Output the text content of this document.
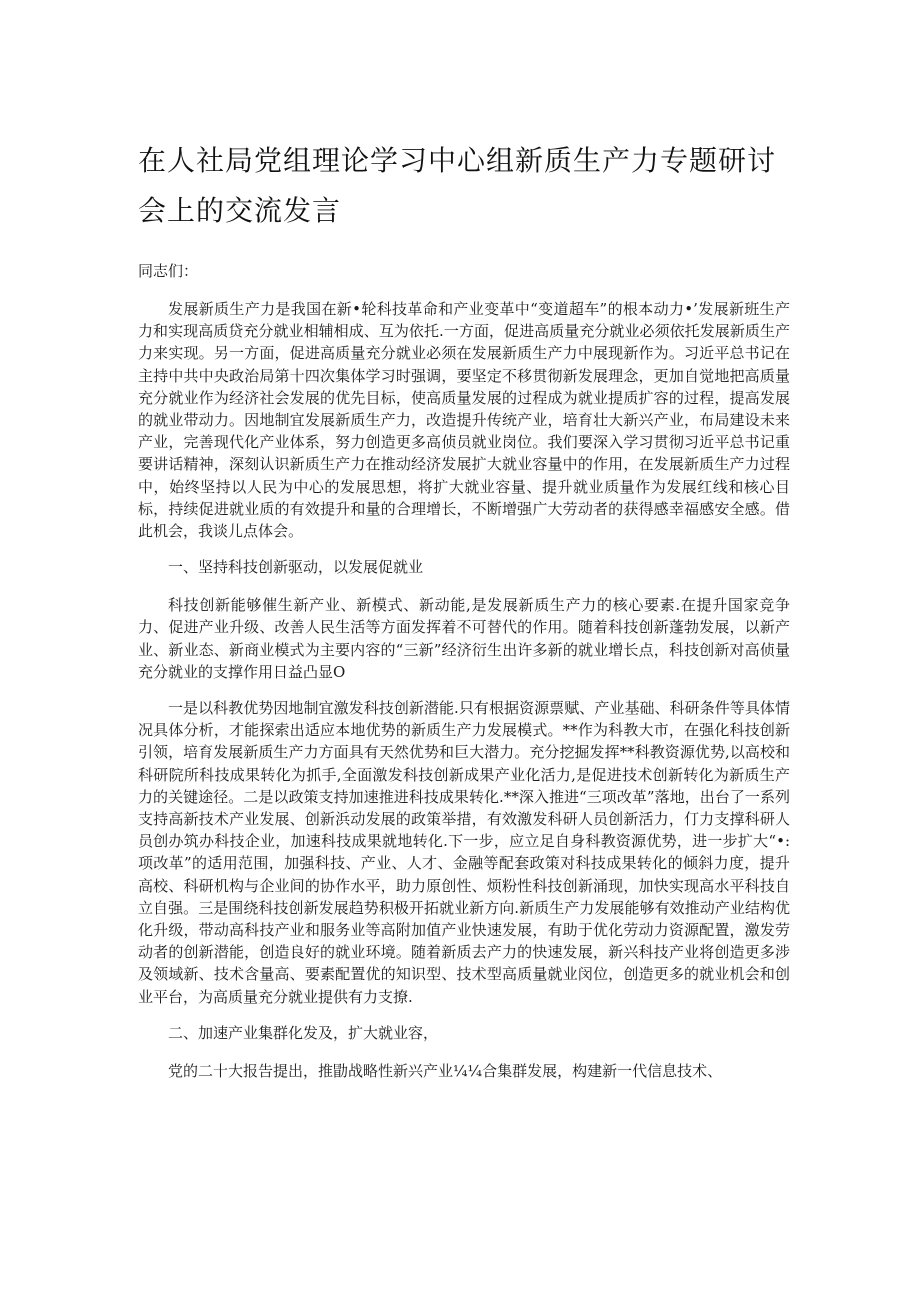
在人社局党组理论学习中心组新质生产力专题研讨会上的交流发言

同志们：

发展新质生产力是我国在新•轮科技革命和产业变革中“变道超车”的根本动力•’发展新班生产力和实现高质贷充分就业相辅相成、互为依托.一方面，促进高质量充分就业必须依托发展新质生产力来实现。另一方面，促进高质量充分就业必须在发展新质生产力中展现新作为。习近平总书记在主持中共中央政治局第十四次集体学习时强调，要坚定不移贯彻新发展理念，更加自觉地把高质量充分就业作为经济社会发展的优先目标，使高质量发展的过程成为就业提质扩容的过程，提高发展的就业带动力。因地制宜发展新质生产力，改造提升传统产业，培育壮大新兴产业，布局建设未来产业，完善现代化产业体系，努力创造更多高侦员就业岗位。我们要深入学习贯彻习近平总书记重要讲话精神，深刻认识新质生产力在推动经济发展扩大就业容量中的作用，在发展新质生产力过程中，始终坚持以人民为中心的发展思想，将扩大就业容量、提升就业质量作为发展红线和核心目标，持续促进就业质的有效提升和量的合理增长，不断增强广大劳动者的获得感幸福感安全感。借此机会，我谈儿点体会。

一、坚持科技创新驱动，以发展促就业

科技创新能够催生新产业、新模式、新动能,是发展新质生产力的核心要素.在提升国家竞争力、促进产业升级、改善人民生活等方面发挥着不可替代的作用。随着科技创新蓬勃发展，以新产业、新业态、新商业模式为主要内容的“三新”经济衍生出许多新的就业增长点，科技创新对高侦量充分就业的支撑作用日益凸显O

一是以科教优势因地制宜激发科技创新潜能.只有根据资源票赋、产业基础、科研条件等具体情况具体分析，才能探索出适应本地优势的新质生产力发展模式。**作为科教大市，在强化科技创新引领，培育发展新质生产力方面具有天然优势和巨大潜力。充分挖掘发挥**科教资源优势,以高校和科研院所科技成果转化为抓手,全面激发科技创新成果产业化活力,是促进技术创新转化为新质生产力的关键途径。二是以政策支持加速推进科技成果转化.**深入推进“三项改革”落地，出台了一系列支持高新技术产业发展、创新浜动发展的政策举措，有效激发科研人员创新活力，仃力支撑科研人员创办筑办科技企业，加速科技成果就地转化.下一步，应立足自身科教资源优势，进一步扩大“•:项改革”的适用范围，加强科技、产业、人才、金融等配套政策对科技成果转化的倾斜力度，提升高校、科研机构与企业间的协作水平，助力原创性、烦粉性科技创新涌现，加快实现高水平科技自立自强。三是围绕科技创新发展趋势积极开拓就业新方向.新质生产力发展能够有效推动产业结构优化升级，带动高科技产业和服务业等高附加值产业快速发展，有助于优化劳动力资源配置，激发劳动者的创新潜能，创造良好的就业环境。随着新质去产力的快速发展，新兴科技产业将创造更多涉及领域新、技术含量高、要素配置优的知识型、技术型高质量就业闵位，创造更多的就业机会和创业平台，为高质量充分就业提供有力支撩.

二、加速产业集群化发及，扩大就业容，

党的二十大报告提出，推勖战略性新兴产业¼¼合集群发展，构建新一代信息技术、
